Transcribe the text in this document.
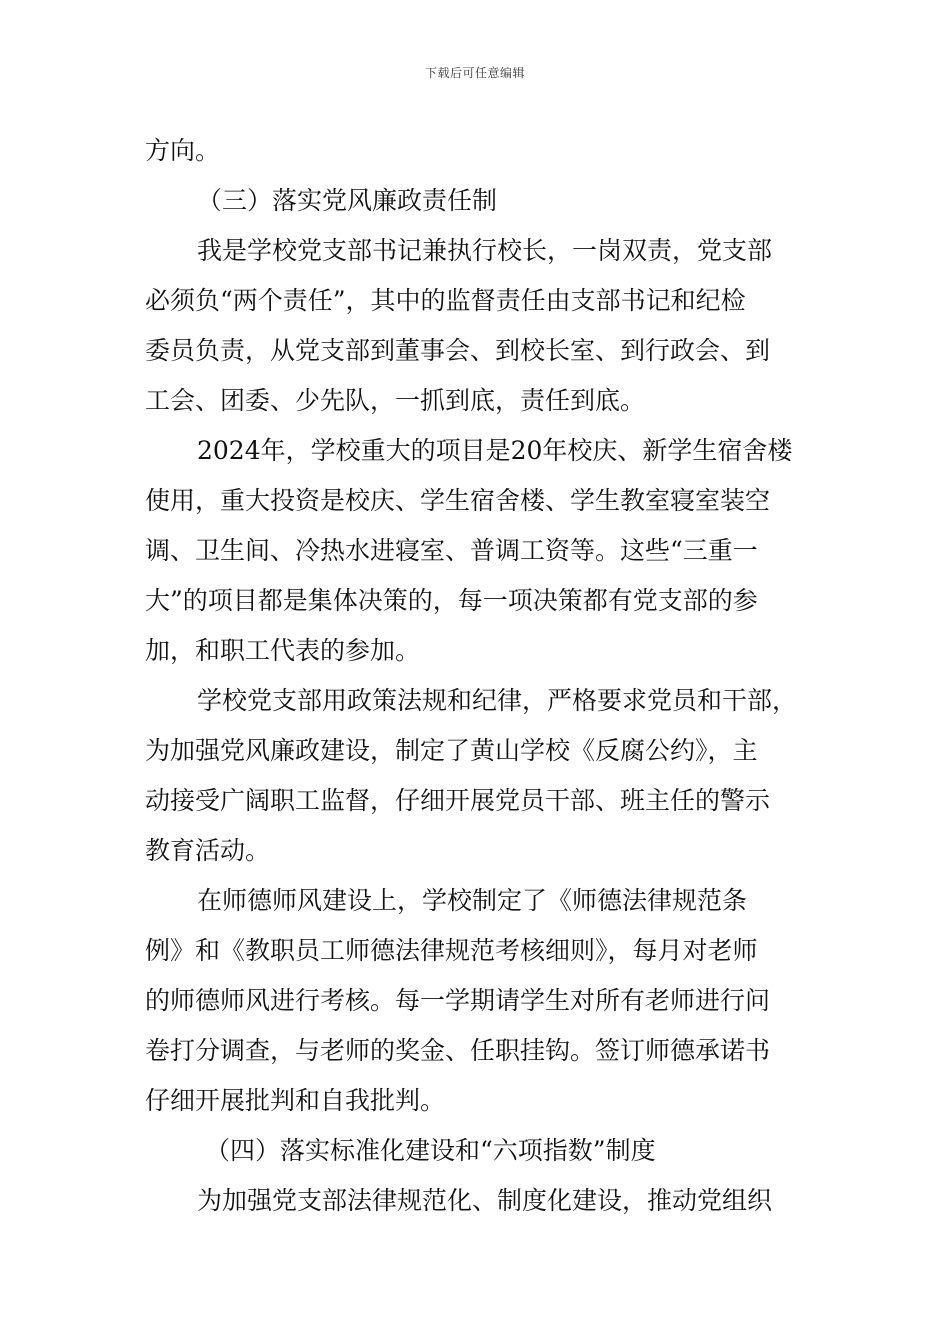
下载后可任意编辑
方向。
（三）落实党风廉政责任制
我是学校党支部书记兼执行校长，一岗双责，党支部
必须负“两个责任”，其中的监督责任由支部书记和纪检
委员负责，从党支部到董事会、到校长室、到行政会、到
工会、团委、少先队，一抓到底，责任到底。
2024年，学校重大的项目是20年校庆、新学生宿舍楼
使用，重大投资是校庆、学生宿舍楼、学生教室寝室装空
调、卫生间、冷热水进寝室、普调工资等。这些“三重一
大”的项目都是集体决策的，每一项决策都有党支部的参
加，和职工代表的参加。
学校党支部用政策法规和纪律，严格要求党员和干部，
为加强党风廉政建设，制定了黄山学校《反腐公约》，主
动接受广阔职工监督，仔细开展党员干部、班主任的警示
教育活动。
在师德师风建设上，学校制定了《师德法律规范条
例》和《教职员工师德法律规范考核细则》，每月对老师
的师德师风进行考核。每一学期请学生对所有老师进行问
卷打分调查，与老师的奖金、任职挂钩。签订师德承诺书
仔细开展批判和自我批判。
（四）落实标准化建设和“六项指数”制度
为加强党支部法律规范化、制度化建设，推动党组织
